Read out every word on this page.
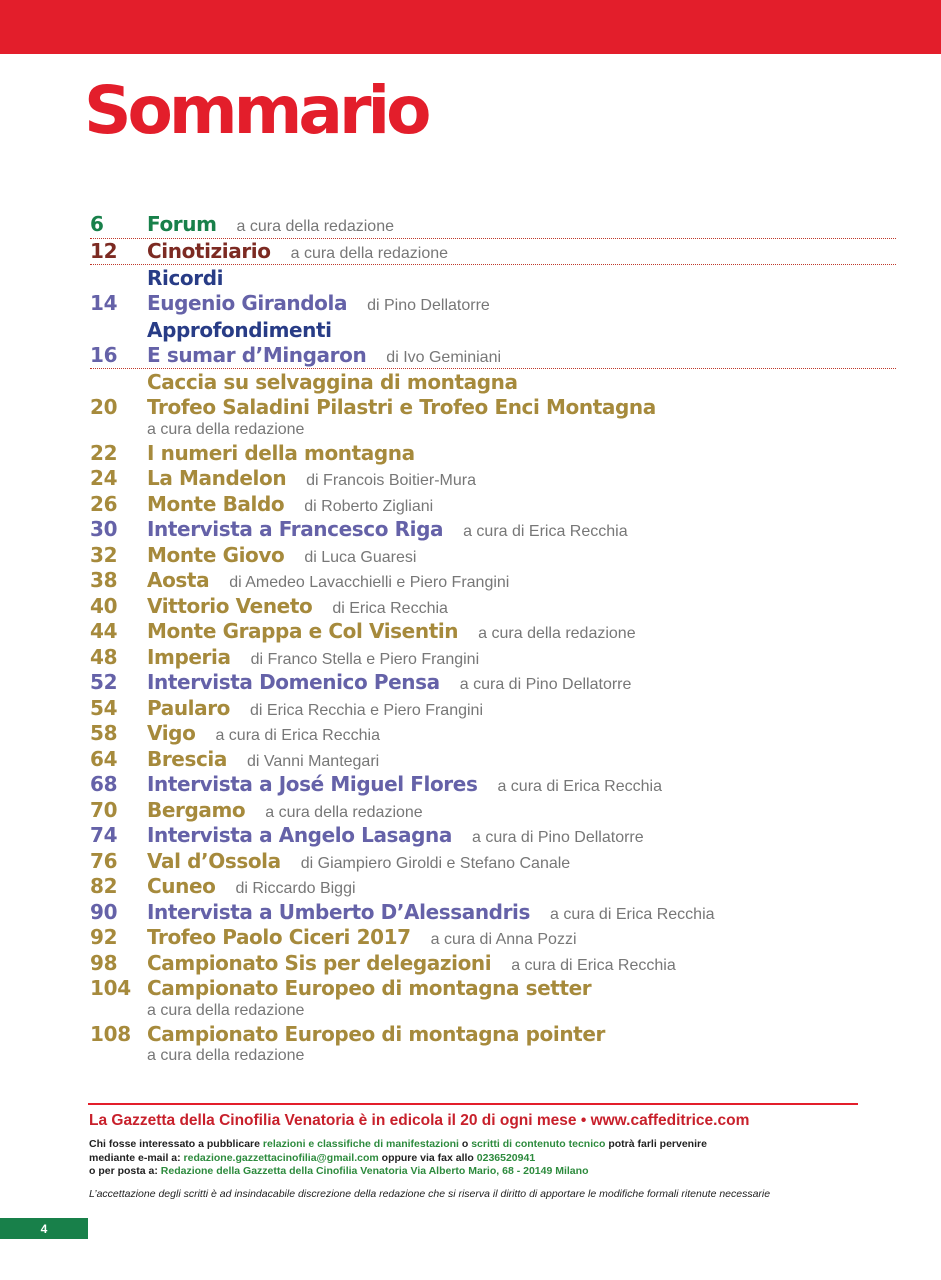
Sommario
6	Forum a cura della redazione
12	Cinotiziario a cura della redazione
Ricordi
14	Eugenio Girandola di Pino Dellatorre
Approfondimenti
16	E sumar d’Mingaron di Ivo Geminiani
Caccia su selvaggina di montagna
20	Trofeo Saladini Pilastri e Trofeo Enci Montagna
a cura della redazione
22	I numeri della montagna
24	La Mandelon di Francois Boitier-Mura
26	Monte Baldo di Roberto Zigliani
30	Intervista a Francesco Riga a cura di Erica Recchia
32	Monte Giovo di Luca Guaresi
38	Aosta di Amedeo Lavacchielli e Piero Frangini
40	Vittorio Veneto di Erica Recchia
44	Monte Grappa e Col Visentin a cura della redazione
48	Imperia di Franco Stella e Piero Frangini
52	Intervista Domenico Pensa a cura di Pino Dellatorre
54	Paularo di Erica Recchia e Piero Frangini
58	Vigo a cura di Erica Recchia
64	Brescia di Vanni Mantegari
68	Intervista a José Miguel Flores a cura di Erica Recchia
70	Bergamo a cura della redazione
74	Intervista a Angelo Lasagna a cura di Pino Dellatorre
76	Val d’Ossola di Giampiero Giroldi e Stefano Canale
82	Cuneo di Riccardo Biggi
90	Intervista a Umberto D’Alessandris a cura di Erica Recchia
92	Trofeo Paolo Ciceri 2017 a cura di Anna Pozzi
98	Campionato Sis per delegazioni a cura di Erica Recchia
104 Campionato Europeo di montagna setter
a cura della redazione
108 Campionato Europeo di montagna pointer
a cura della redazione

La Gazzetta della Cinofilia Venatoria è in edicola il 20 di ogni mese • www.caffeditrice.com

Chi fosse interessato a pubblicare relazioni e classifiche di manifestazioni o scritti di contenuto tecnico potrà farli pervenire
mediante e-mail a: redazione.gazzettacinofilia@gmail.com oppure via fax allo 0236520941
o per posta a: Redazione della Gazzetta della Cinofilia Venatoria Via Alberto Mario, 68 - 20149 Milano

L’accettazione degli scritti è ad insindacabile discrezione della redazione che si riserva il diritto di apportare le modifiche formali ritenute necessarie

4
